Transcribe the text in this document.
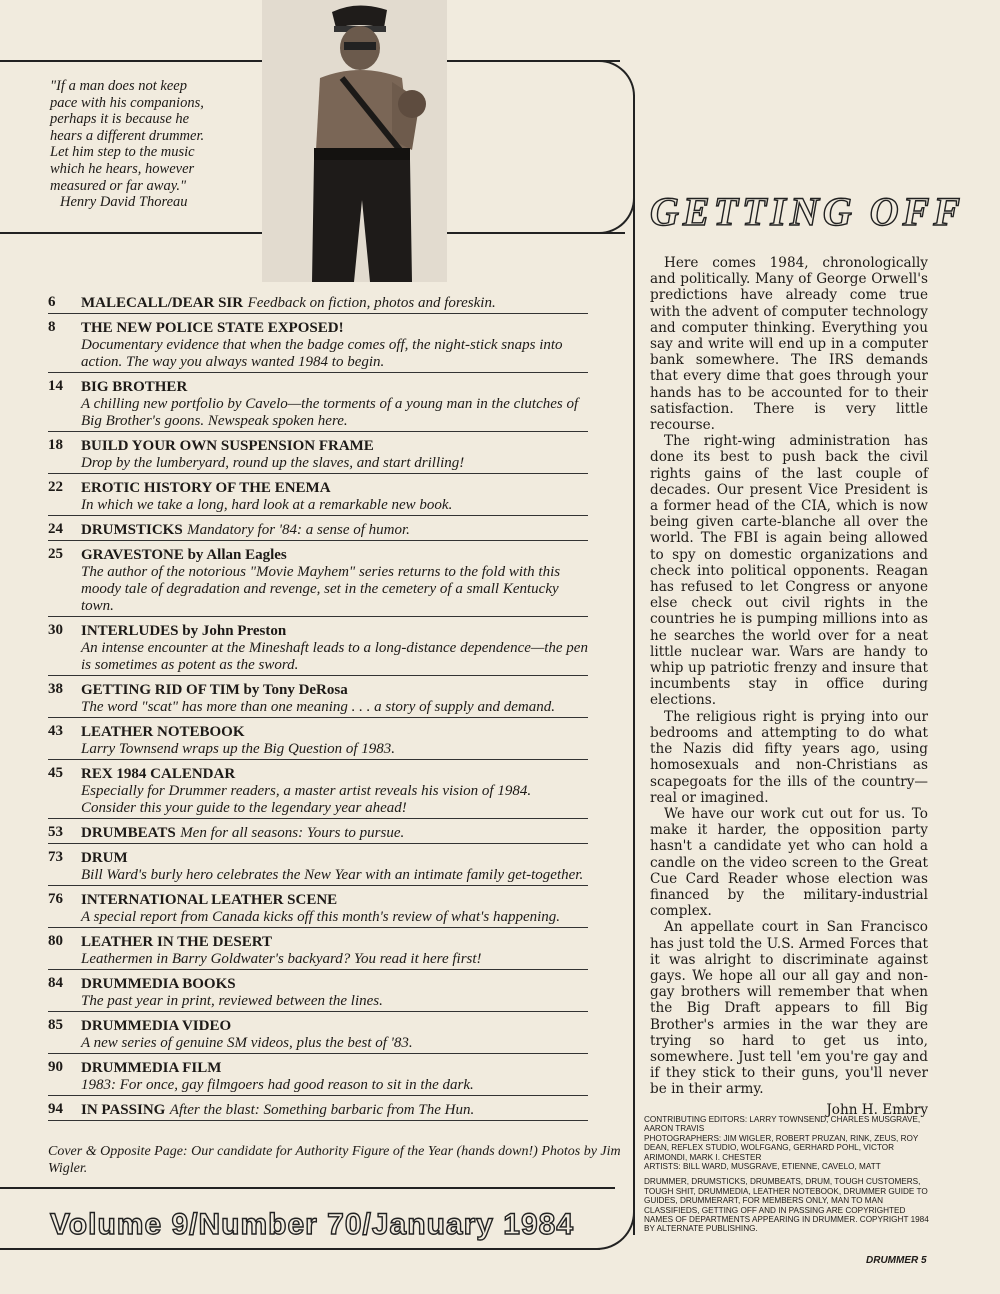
"If a man does not keep
pace with his companions,
perhaps it is because he
hears a different drummer.
Let him step to the music
which he hears, however
measured or far away."
Henry David Thoreau
6 MALECALL/DEAR SIR Feedback on fiction, photos and foreskin.
8 THE NEW POLICE STATE EXPOSED!
Documentary evidence that when the badge comes off, the night-stick snaps into action. The way you always wanted 1984 to begin.
14 BIG BROTHER
A chilling new portfolio by Cavelo—the torments of a young man in the clutches of Big Brother's goons. Newspeak spoken here.
18 BUILD YOUR OWN SUSPENSION FRAME
Drop by the lumberyard, round up the slaves, and start drilling!
22 EROTIC HISTORY OF THE ENEMA
In which we take a long, hard look at a remarkable new book.
24 DRUMSTICKS Mandatory for '84: a sense of humor.
25 GRAVESTONE by Allan Eagles
The author of the notorious "Movie Mayhem" series returns to the fold with this moody tale of degradation and revenge, set in the cemetery of a small Kentucky town.
30 INTERLUDES by John Preston
An intense encounter at the Mineshaft leads to a long-distance dependence—the pen is sometimes as potent as the sword.
38 GETTING RID OF TIM by Tony DeRosa
The word "scat" has more than one meaning . . . a story of supply and demand.
43 LEATHER NOTEBOOK
Larry Townsend wraps up the Big Question of 1983.
45 REX 1984 CALENDAR
Especially for Drummer readers, a master artist reveals his vision of 1984. Consider this your guide to the legendary year ahead!
53 DRUMBEATS Men for all seasons: Yours to pursue.
73 DRUM
Bill Ward's burly hero celebrates the New Year with an intimate family get-together.
76 INTERNATIONAL LEATHER SCENE
A special report from Canada kicks off this month's review of what's happening.
80 LEATHER IN THE DESERT
Leathermen in Barry Goldwater's backyard? You read it here first!
84 DRUMMEDIA BOOKS
The past year in print, reviewed between the lines.
85 DRUMMEDIA VIDEO
A new series of genuine SM videos, plus the best of '83.
90 DRUMMEDIA FILM
1983: For once, gay filmgoers had good reason to sit in the dark.
94 IN PASSING After the blast: Something barbaric from The Hun.
Cover & Opposite Page: Our candidate for Authority Figure of the Year (hands down!) Photos by Jim Wigler.
Volume 9/Number 70/January 1984
GETTING OFF

Here comes 1984, chronologically and politically. Many of George Orwell's predictions have already come true with the advent of computer technology and computer thinking. Everything you say and write will end up in a computer bank somewhere. The IRS demands that every dime that goes through your hands has to be accounted for to their satisfaction. There is very little recourse.

The right-wing administration has done its best to push back the civil rights gains of the last couple of decades. Our present Vice President is a former head of the CIA, which is now being given carte-blanche all over the world. The FBI is again being allowed to spy on domestic organizations and check into political opponents. Reagan has refused to let Congress or anyone else check out civil rights in the countries he is pumping millions into as he searches the world over for a neat little nuclear war. Wars are handy to whip up patriotic frenzy and insure that incumbents stay in office during elections.

The religious right is prying into our bedrooms and attempting to do what the Nazis did fifty years ago, using homosexuals and non-Christians as scapegoats for the ills of the country—real or imagined.

We have our work cut out for us. To make it harder, the opposition party hasn't a candidate yet who can hold a candle on the video screen to the Great Cue Card Reader whose election was financed by the military-industrial complex.

An appellate court in San Francisco has just told the U.S. Armed Forces that it was alright to discriminate against gays. We hope all our all gay and non-gay brothers will remember that when the Big Draft appears to fill Big Brother's armies in the war they are trying so hard to get us into, somewhere. Just tell 'em you're gay and if they stick to their guns, you'll never be in their army.

John H. Embry

CONTRIBUTING EDITORS: LARRY TOWNSEND, CHARLES MUSGRAVE, AARON TRAVIS
PHOTOGRAPHERS: JIM WIGLER, ROBERT PRUZAN, RINK, ZEUS, ROY DEAN, REFLEX STUDIO, WOLFGANG, GERHARD POHL, VICTOR ARIMONDI, MARK I. CHESTER
ARTISTS: BILL WARD, MUSGRAVE, ETIENNE, CAVELO, MATT
DRUMMER, DRUMSTICKS, DRUMBEATS, DRUM, TOUGH CUSTOMERS, TOUGH SHIT, DRUMMEDIA, LEATHER NOTEBOOK, DRUMMER GUIDE TO GUIDES, DRUMMERART, FOR MEMBERS ONLY, MAN TO MAN CLASSIFIEDS, GETTING OFF AND IN PASSING ARE COPYRIGHTED NAMES OF DEPARTMENTS APPEARING IN DRUMMER. COPYRIGHT 1984 BY ALTERNATE PUBLISHING.
DRUMMER 5
